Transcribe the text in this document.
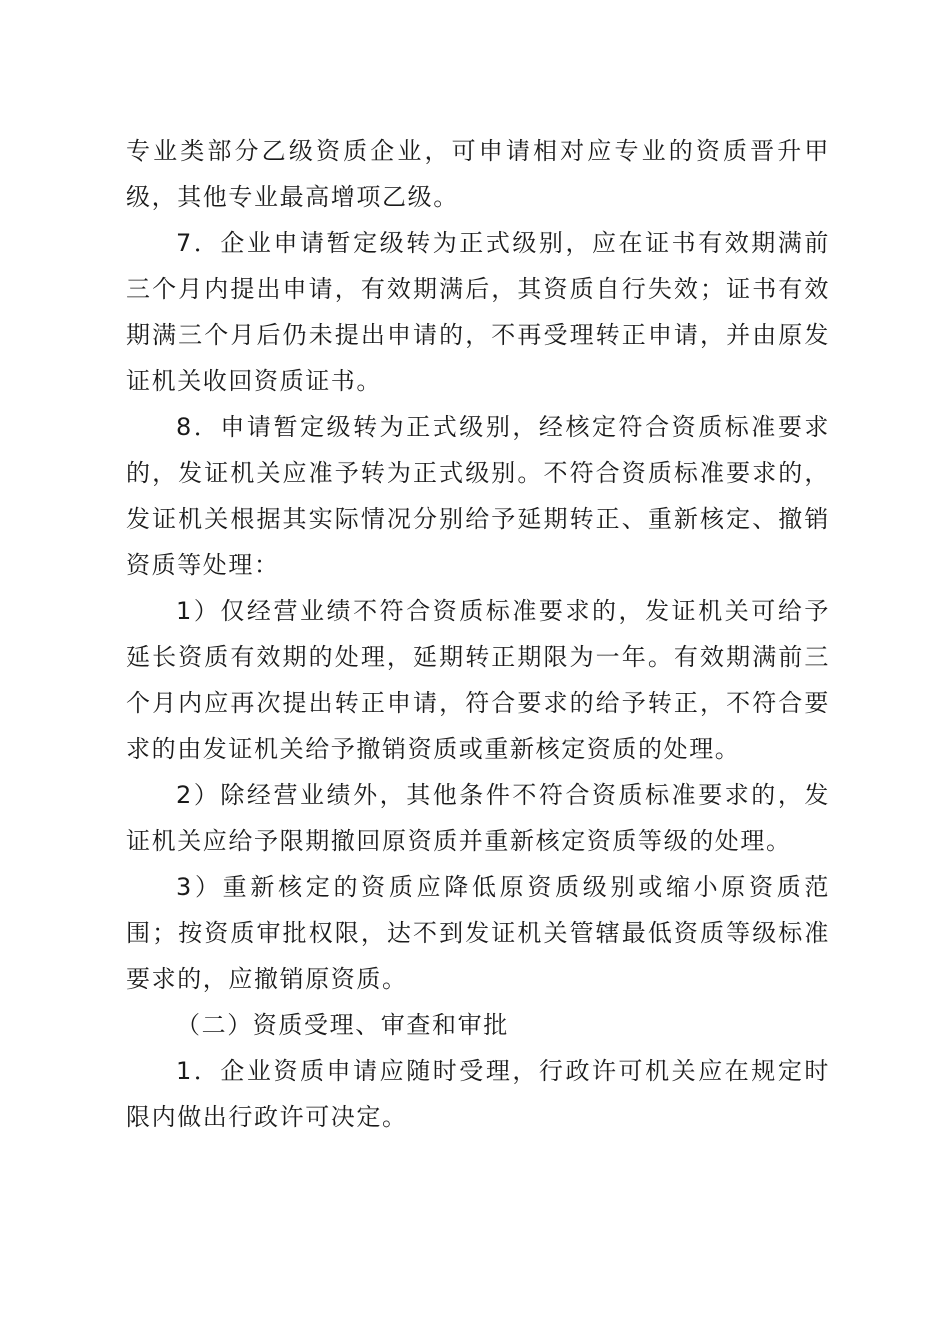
专业类部分乙级资质企业，可申请相对应专业的资质晋升甲级，其他专业最高增项乙级。

7．企业申请暂定级转为正式级别，应在证书有效期满前三个月内提出申请，有效期满后，其资质自行失效；证书有效期满三个月后仍未提出申请的，不再受理转正申请，并由原发证机关收回资质证书。

8．申请暂定级转为正式级别，经核定符合资质标准要求的，发证机关应准予转为正式级别。不符合资质标准要求的，发证机关根据其实际情况分别给予延期转正、重新核定、撤销资质等处理：

1）仅经营业绩不符合资质标准要求的，发证机关可给予延长资质有效期的处理，延期转正期限为一年。有效期满前三个月内应再次提出转正申请，符合要求的给予转正，不符合要求的由发证机关给予撤销资质或重新核定资质的处理。

2）除经营业绩外，其他条件不符合资质标准要求的，发证机关应给予限期撤回原资质并重新核定资质等级的处理。

3）重新核定的资质应降低原资质级别或缩小原资质范围；按资质审批权限，达不到发证机关管辖最低资质等级标准要求的，应撤销原资质。

（二）资质受理、审查和审批

1．企业资质申请应随时受理，行政许可机关应在规定时限内做出行政许可决定。
